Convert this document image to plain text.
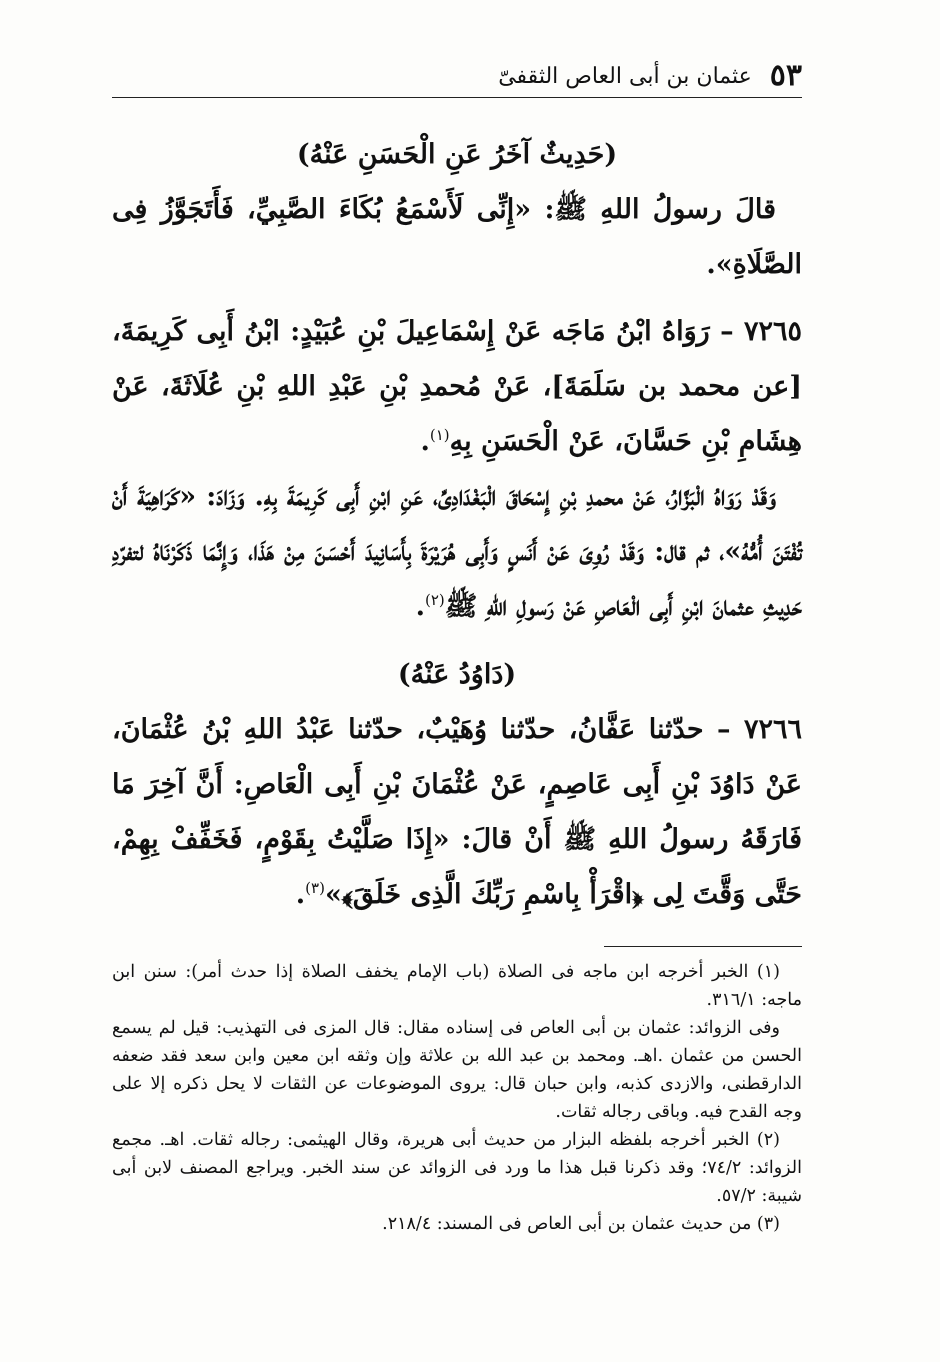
٥٣
عثمان بن أبى العاص الثقفىّ

(حَدِيثٌ آخَرُ عَنِ الْحَسَنِ عَنْهُ)

قالَ رسولُ اللهِ ﷺ: «إِنِّى لَأَسْمَعُ بُكَاءَ الصَّبِيِّ، فَأَتَجَوَّزُ فِى الصَّلَاةِ».

٧٢٦٥ – رَوَاهُ ابْنُ مَاجَه عَنْ إِسْمَاعِيلَ بْنِ عُبَيْدٍ: ابْنُ أَبِى كَرِيمَةَ، [عن محمد بن سَلَمَةَ]، عَنْ مُحمدِ بْنِ عَبْدِ اللهِ بْنِ عُلَاثَةَ، عَنْ هِشَامِ بْنِ حَسَّانَ، عَنْ الْحَسَنِ بِهِ$^{(١)}$.

وَقَدْ رَوَاهُ الْبَزَّارُ، عَنْ محمدِ بْنِ إِسْحَاقَ الْبَغْدَادِىِّ، عَنِ ابْنِ أَبِى كَرِيمَةَ بِهِ. وَزَادَ: «كَرَاهِيَةَ أَنْ تُفْتَنَ أُمُّهُ»، ثم قال: وَقَدْ رُوِىَ عَنْ أَنَسٍ وَأَبِى هُرَيْرَةَ بِأَسَانِيدَ أَحْسَنَ مِنْ هَذَا، وَإِنَّمَا ذَكَرْنَاهُ لتفرّدِ حَدِيثِ عثمانَ ابْنِ أَبِى الْعَاصِ عَنْ رَسولِ اللهِ ﷺ$^{(٢)}$.

(دَاوُدُ عَنْهُ)

٧٢٦٦ – حدّثنا عَفَّانُ، حدّثنا وُهَيْبٌ، حدّثنا عَبْدُ اللهِ بْنُ عُثْمَانَ، عَنْ دَاوُدَ بْنِ أَبِى عَاصِمٍ، عَنْ عُثْمَانَ بْنِ أَبِى الْعَاصِ: أَنَّ آخِرَ مَا فَارَقَهُ رسولُ اللهِ ﷺ أَنْ قالَ: «إِذَا صَلَّيْتُ بِقَوْمٍ، فَخَفِّفْ بِهِمْ، حَتَّى وَقَّتَ لِى ﴿اقْرَأْ بِاسْمِ رَبِّكَ الَّذِى خَلَقَ﴾»$^{(٣)}$.

(١) الخبر أخرجه ابن ماجه فى الصلاة (باب الإمام يخفف الصلاة إذا حدث أمر): سنن ابن ماجه: ٣١٦/١.

وفى الزوائد: عثمان بن أبى العاص فى إسناده مقال: قال المزى فى التهذيب: قيل لم يسمع الحسن من عثمان .اهـ. ومحمد بن عبد الله بن علاثة وإن وثقه ابن معين وابن سعد فقد ضعفه الدارقطنى، والازدى كذبه، وابن حبان قال: يروى الموضوعات عن الثقات لا يحل ذكره إلا على وجه القدح فيه. وباقى رجاله ثقات.

(٢) الخبر أخرجه بلفظه البزار من حديث أبى هريرة، وقال الهيثمى: رجاله ثقات. اهـ. مجمع الزوائد: ٧٤/٢؛ وقد ذكرنا قبل هذا ما ورد فى الزوائد عن سند الخبر. ويراجع المصنف لابن أبى شيبة: ٥٧/٢.

(٣) من حديث عثمان بن أبى العاص فى المسند: ٢١٨/٤.
